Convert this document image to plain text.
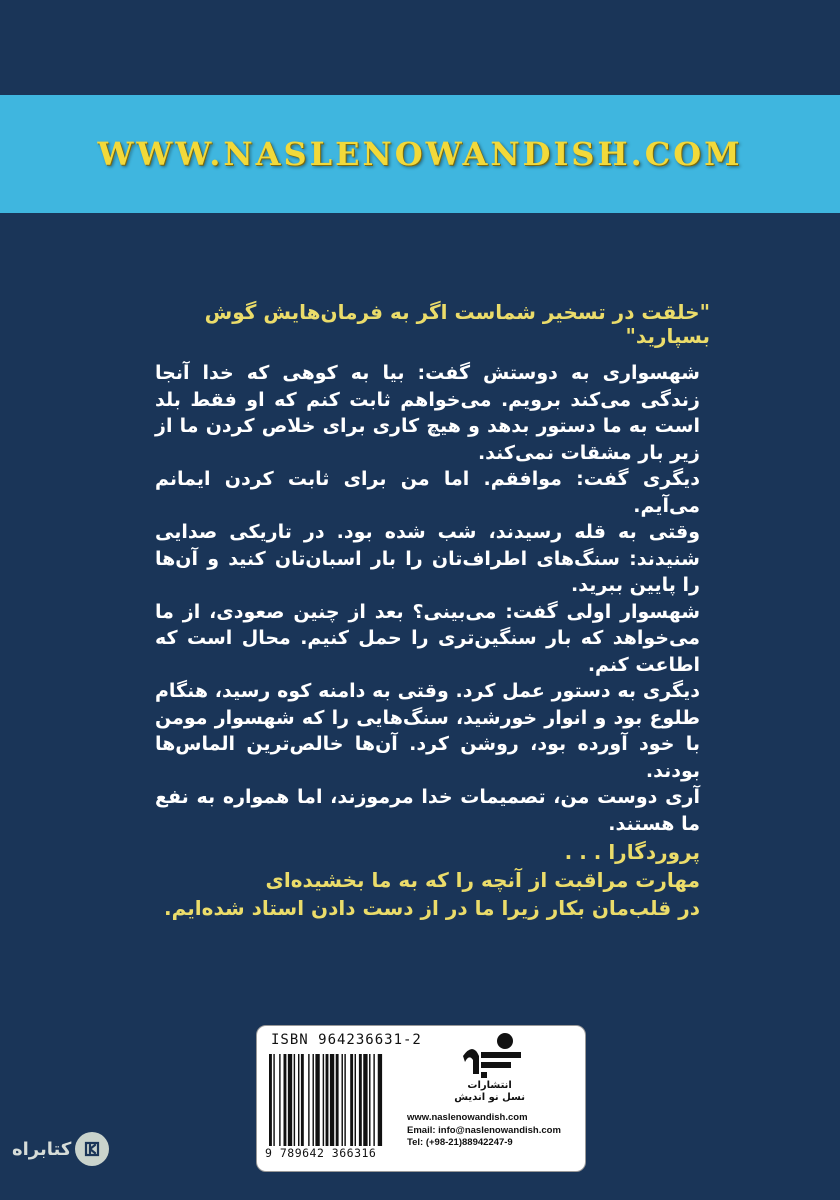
WWW.NASLENOWANDISH.COM
"خلقت در تسخیر شماست اگر به فرمان‌هایش گوش بسپارید"

شهسواری به دوستش گفت: بیا به کوهی که خدا آنجا زندگی می‌کند برویم. می‌خواهم ثابت کنم که او فقط بلد است به ما دستور بدهد و هیچ کاری برای خلاص کردن ما از زیر بار مشقات نمی‌کند.

دیگری گفت: موافقم. اما من برای ثابت کردن ایمانم می‌آیم.

وقتی به قله رسیدند، شب شده بود. در تاریکی صدایی شنیدند: سنگ‌های اطراف‌تان را بار اسبان‌تان کنید و آن‌ها را پایین ببرید.

شهسوار اولی گفت: می‌بینی؟ بعد از چنین صعودی، از ما می‌خواهد که بار سنگین‌تری را حمل کنیم. محال است که اطاعت کنم.

دیگری به دستور عمل کرد. وقتی به دامنه کوه رسید، هنگام طلوع بود و انوار خورشید، سنگ‌هایی را که شهسوار مومن با خود آورده بود، روشن کرد. آن‌ها خالص‌ترین الماس‌ها بودند.

آری دوست من، تصمیمات خدا مرموزند، اما همواره به نفع ما هستند.

پروردگارا . . .

مهارت مراقبت از آنچه را که به ما بخشیده‌ای

در قلب‌مان بکار زیرا ما در از دست دادن استاد شده‌ایم.

ISBN 964236631-2
9 789642 366316
انتشارات
نسل نو اندیش
www.naslenowandish.com
Email: info@naslenowandish.com
Tel: (+98-21)88942247-9
کتابراه
